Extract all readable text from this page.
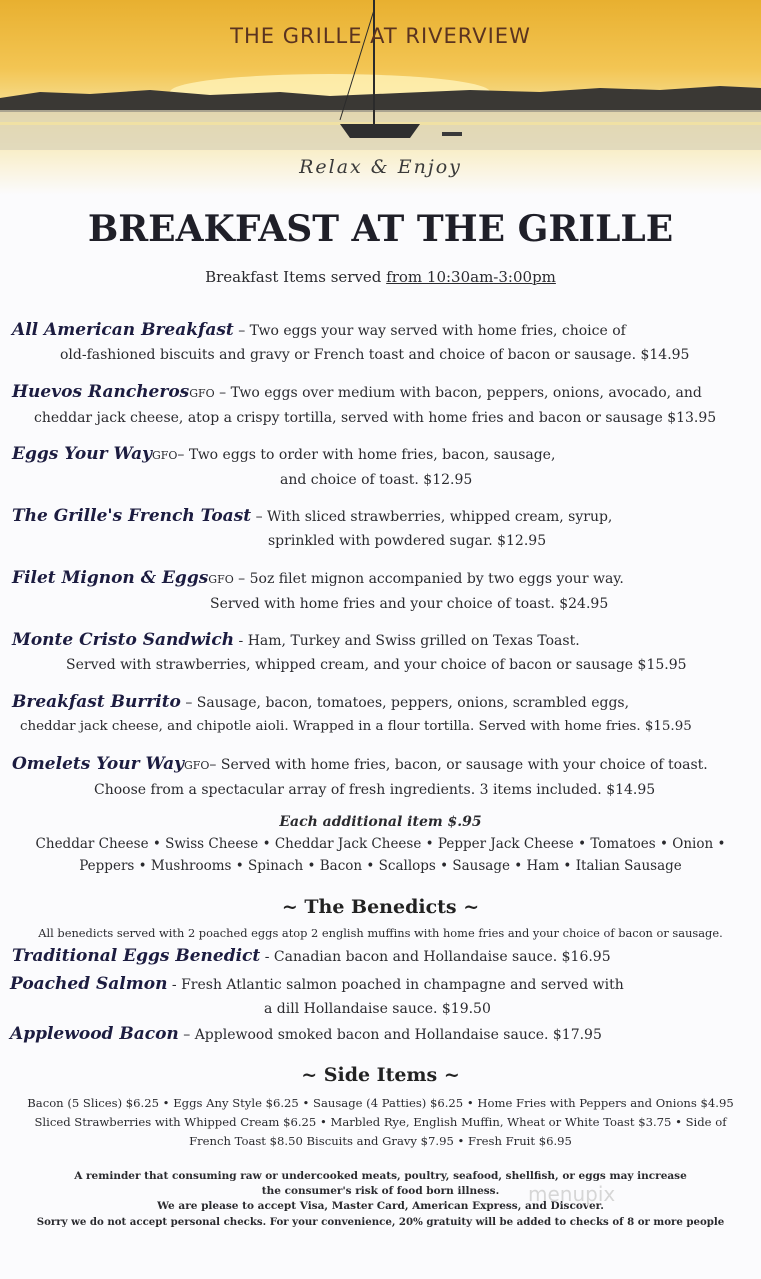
THE GRILLE AT RIVERVIEW
Relax & Enjoy
BREAKFAST AT THE GRILLE
Breakfast Items served from 10:30am-3:00pm
All American Breakfast – Two eggs your way served with home fries, choice of
old-fashioned biscuits and gravy or French toast and choice of bacon or sausage. $14.95
Huevos RancherosGFO – Two eggs over medium with bacon, peppers, onions, avocado, and
cheddar jack cheese, atop a crispy tortilla, served with home fries and bacon or sausage $13.95
Eggs Your WayGFO– Two eggs to order with home fries, bacon, sausage,
and choice of toast. $12.95
The Grille's French Toast – With sliced strawberries, whipped cream, syrup,
sprinkled with powdered sugar. $12.95
Filet Mignon & EggsGFO – 5oz filet mignon accompanied by two eggs your way.
Served with home fries and your choice of toast. $24.95
Monte Cristo Sandwich - Ham, Turkey and Swiss grilled on Texas Toast.
Served with strawberries, whipped cream, and your choice of bacon or sausage $15.95
Breakfast Burrito – Sausage, bacon, tomatoes, peppers, onions, scrambled eggs,
cheddar jack cheese, and chipotle aioli. Wrapped in a flour tortilla. Served with home fries. $15.95
Omelets Your WayGFO– Served with home fries, bacon, or sausage with your choice of toast.
Choose from a spectacular array of fresh ingredients. 3 items included. $14.95
Each additional item $.95
Cheddar Cheese • Swiss Cheese • Cheddar Jack Cheese • Pepper Jack Cheese • Tomatoes • Onion •
Peppers • Mushrooms • Spinach • Bacon • Scallops • Sausage • Ham • Italian Sausage
~ The Benedicts ~
All benedicts served with 2 poached eggs atop 2 english muffins with home fries and your choice of bacon or sausage.
Traditional Eggs Benedict - Canadian bacon and Hollandaise sauce. $16.95
Poached Salmon - Fresh Atlantic salmon poached in champagne and served with
a dill Hollandaise sauce. $19.50
Applewood Bacon – Applewood smoked bacon and Hollandaise sauce. $17.95
~ Side Items ~
Bacon (5 Slices) $6.25 • Eggs Any Style $6.25 • Sausage (4 Patties) $6.25 • Home Fries with Peppers and Onions $4.95
Sliced Strawberries with Whipped Cream $6.25 • Marbled Rye, English Muffin, Wheat or White Toast $3.75 • Side of
French Toast $8.50 Biscuits and Gravy $7.95 • Fresh Fruit $6.95
A reminder that consuming raw or undercooked meats, poultry, seafood, shellfish, or eggs may increase
the consumer's risk of food born illness.
We are please to accept Visa, Master Card, American Express, and Discover.
Sorry we do not accept personal checks. For your convenience, 20% gratuity will be added to checks of 8 or more people
menupix
